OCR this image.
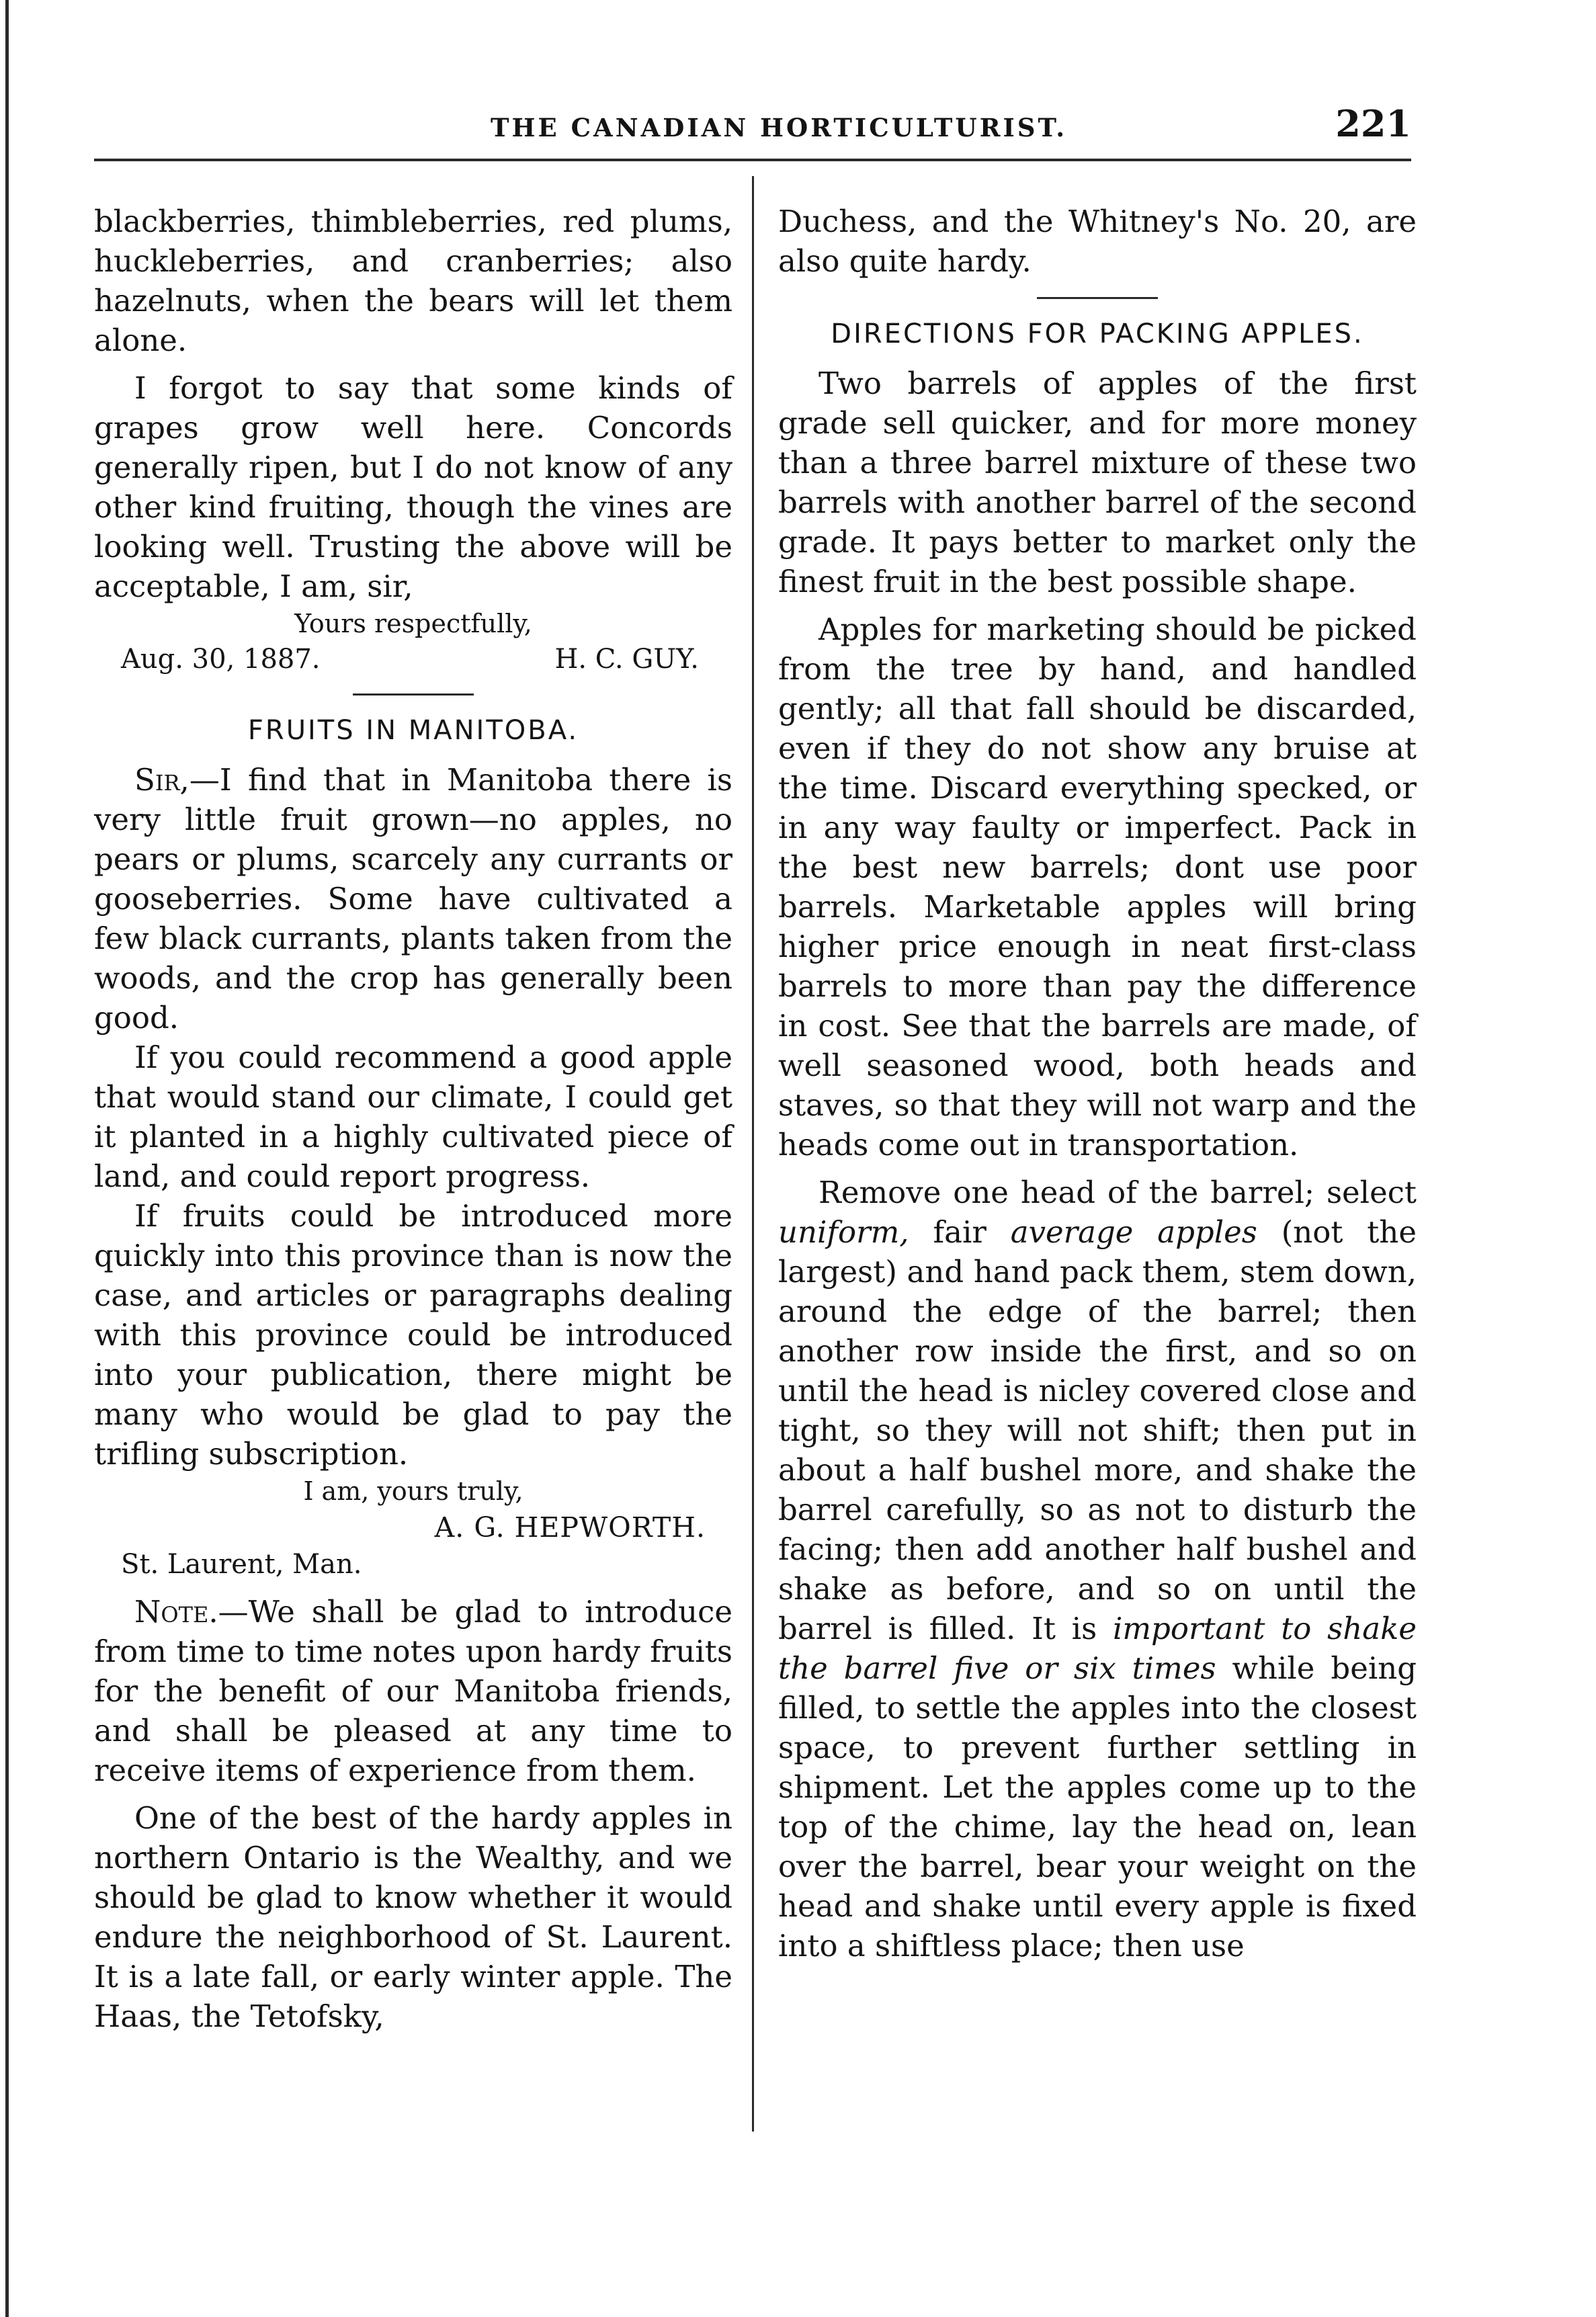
THE CANADIAN HORTICULTURIST.	221

blackberries, thimbleberries, red plums, huckleberries, and cranberries; also hazelnuts, when the bears will let them alone.

I forgot to say that some kinds of grapes grow well here. Concords generally ripen, but I do not know of any other kind fruiting, though the vines are looking well. Trusting the above will be acceptable, I am, sir,

Yours respectfully,

Aug. 30, 1887.	H. C. GUY.
FRUITS IN MANITOBA.

Sir,—I find that in Manitoba there is very little fruit grown—no apples, no pears or plums, scarcely any currants or gooseberries. Some have cultivated a few black currants, plants taken from the woods, and the crop has generally been good.

If you could recommend a good apple that would stand our climate, I could get it planted in a highly cultivated piece of land, and could report progress.

If fruits could be introduced more quickly into this province than is now the case, and articles or paragraphs dealing with this province could be introduced into your publication, there might be many who would be glad to pay the trifling subscription.

I am, yours truly,

A. G. HEPWORTH.

St. Laurent, Man.

Note.—We shall be glad to introduce from time to time notes upon hardy fruits for the benefit of our Manitoba friends, and shall be pleased at any time to receive items of experience from them.

One of the best of the hardy apples in northern Ontario is the Wealthy, and we should be glad to know whether it would endure the neighborhood of St. Laurent. It is a late fall, or early winter apple. The Haas, the Tetofsky,

Duchess, and the Whitney's No. 20, are also quite hardy.

DIRECTIONS FOR PACKING APPLES.

Two barrels of apples of the first grade sell quicker, and for more money than a three barrel mixture of these two barrels with another barrel of the second grade. It pays better to market only the finest fruit in the best possible shape.

Apples for marketing should be picked from the tree by hand, and handled gently; all that fall should be discarded, even if they do not show any bruise at the time. Discard everything specked, or in any way faulty or imperfect. Pack in the best new barrels; dont use poor barrels. Marketable apples will bring higher price enough in neat first-class barrels to more than pay the difference in cost. See that the barrels are made, of well seasoned wood, both heads and staves, so that they will not warp and the heads come out in transportation.

Remove one head of the barrel; select uniform, fair average apples (not the largest) and hand pack them, stem down, around the edge of the barrel; then another row inside the first, and so on until the head is nicley covered close and tight, so they will not shift; then put in about a half bushel more, and shake the barrel carefully, so as not to disturb the facing; then add another half bushel and shake as before, and so on until the barrel is filled. It is important to shake the barrel five or six times while being filled, to settle the apples into the closest space, to prevent further settling in shipment. Let the apples come up to the top of the chime, lay the head on, lean over the barrel, bear your weight on the head and shake until every apple is fixed into a shiftless place; then use
